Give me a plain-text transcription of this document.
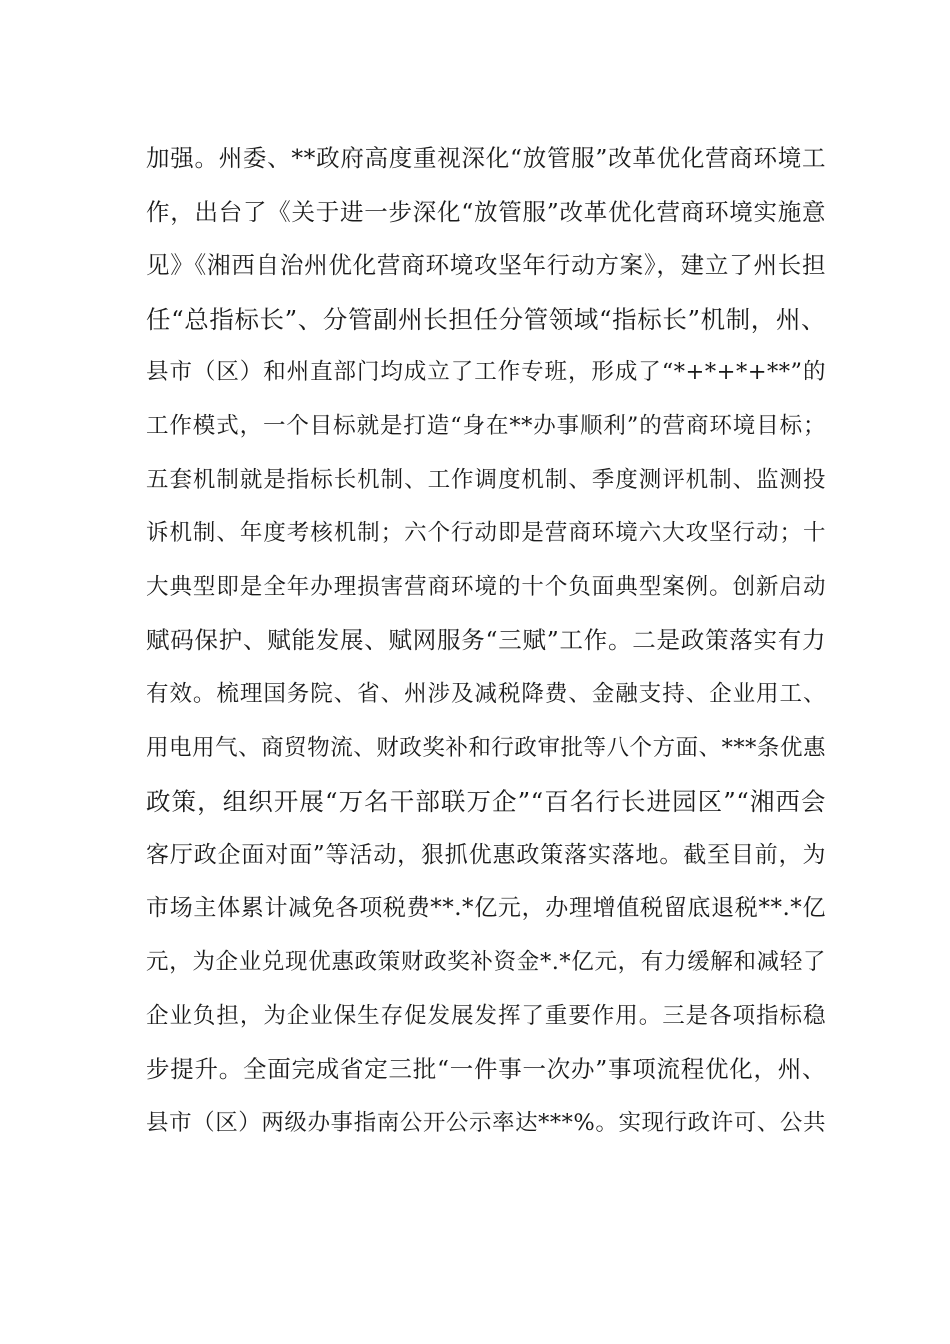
加强。州委、**政府高度重视深化“放管服”改革优化营商环境工
作，出台了《关于进一步深化“放管服”改革优化营商环境实施意
见》《湘西自治州优化营商环境攻坚年行动方案》，建立了州长担
任“总指标长”、分管副州长担任分管领域“指标长”机制，州、
县市（区）和州直部门均成立了工作专班，形成了“*+*+*+**”的
工作模式，一个目标就是打造“身在**办事顺利”的营商环境目标；
五套机制就是指标长机制、工作调度机制、季度测评机制、监测投
诉机制、年度考核机制；六个行动即是营商环境六大攻坚行动；十
大典型即是全年办理损害营商环境的十个负面典型案例。创新启动
赋码保护、赋能发展、赋网服务“三赋”工作。二是政策落实有力
有效。梳理国务院、省、州涉及减税降费、金融支持、企业用工、
用电用气、商贸物流、财政奖补和行政审批等八个方面、***条优惠
政策，组织开展“万名干部联万企”“百名行长进园区”“湘西会
客厅政企面对面”等活动，狠抓优惠政策落实落地。截至目前，为
市场主体累计减免各项税费**.*亿元，办理增值税留底退税**.*亿
元，为企业兑现优惠政策财政奖补资金*.*亿元，有力缓解和减轻了
企业负担，为企业保生存促发展发挥了重要作用。三是各项指标稳
步提升。全面完成省定三批“一件事一次办”事项流程优化，州、
县市（区）两级办事指南公开公示率达***%。实现行政许可、公共
